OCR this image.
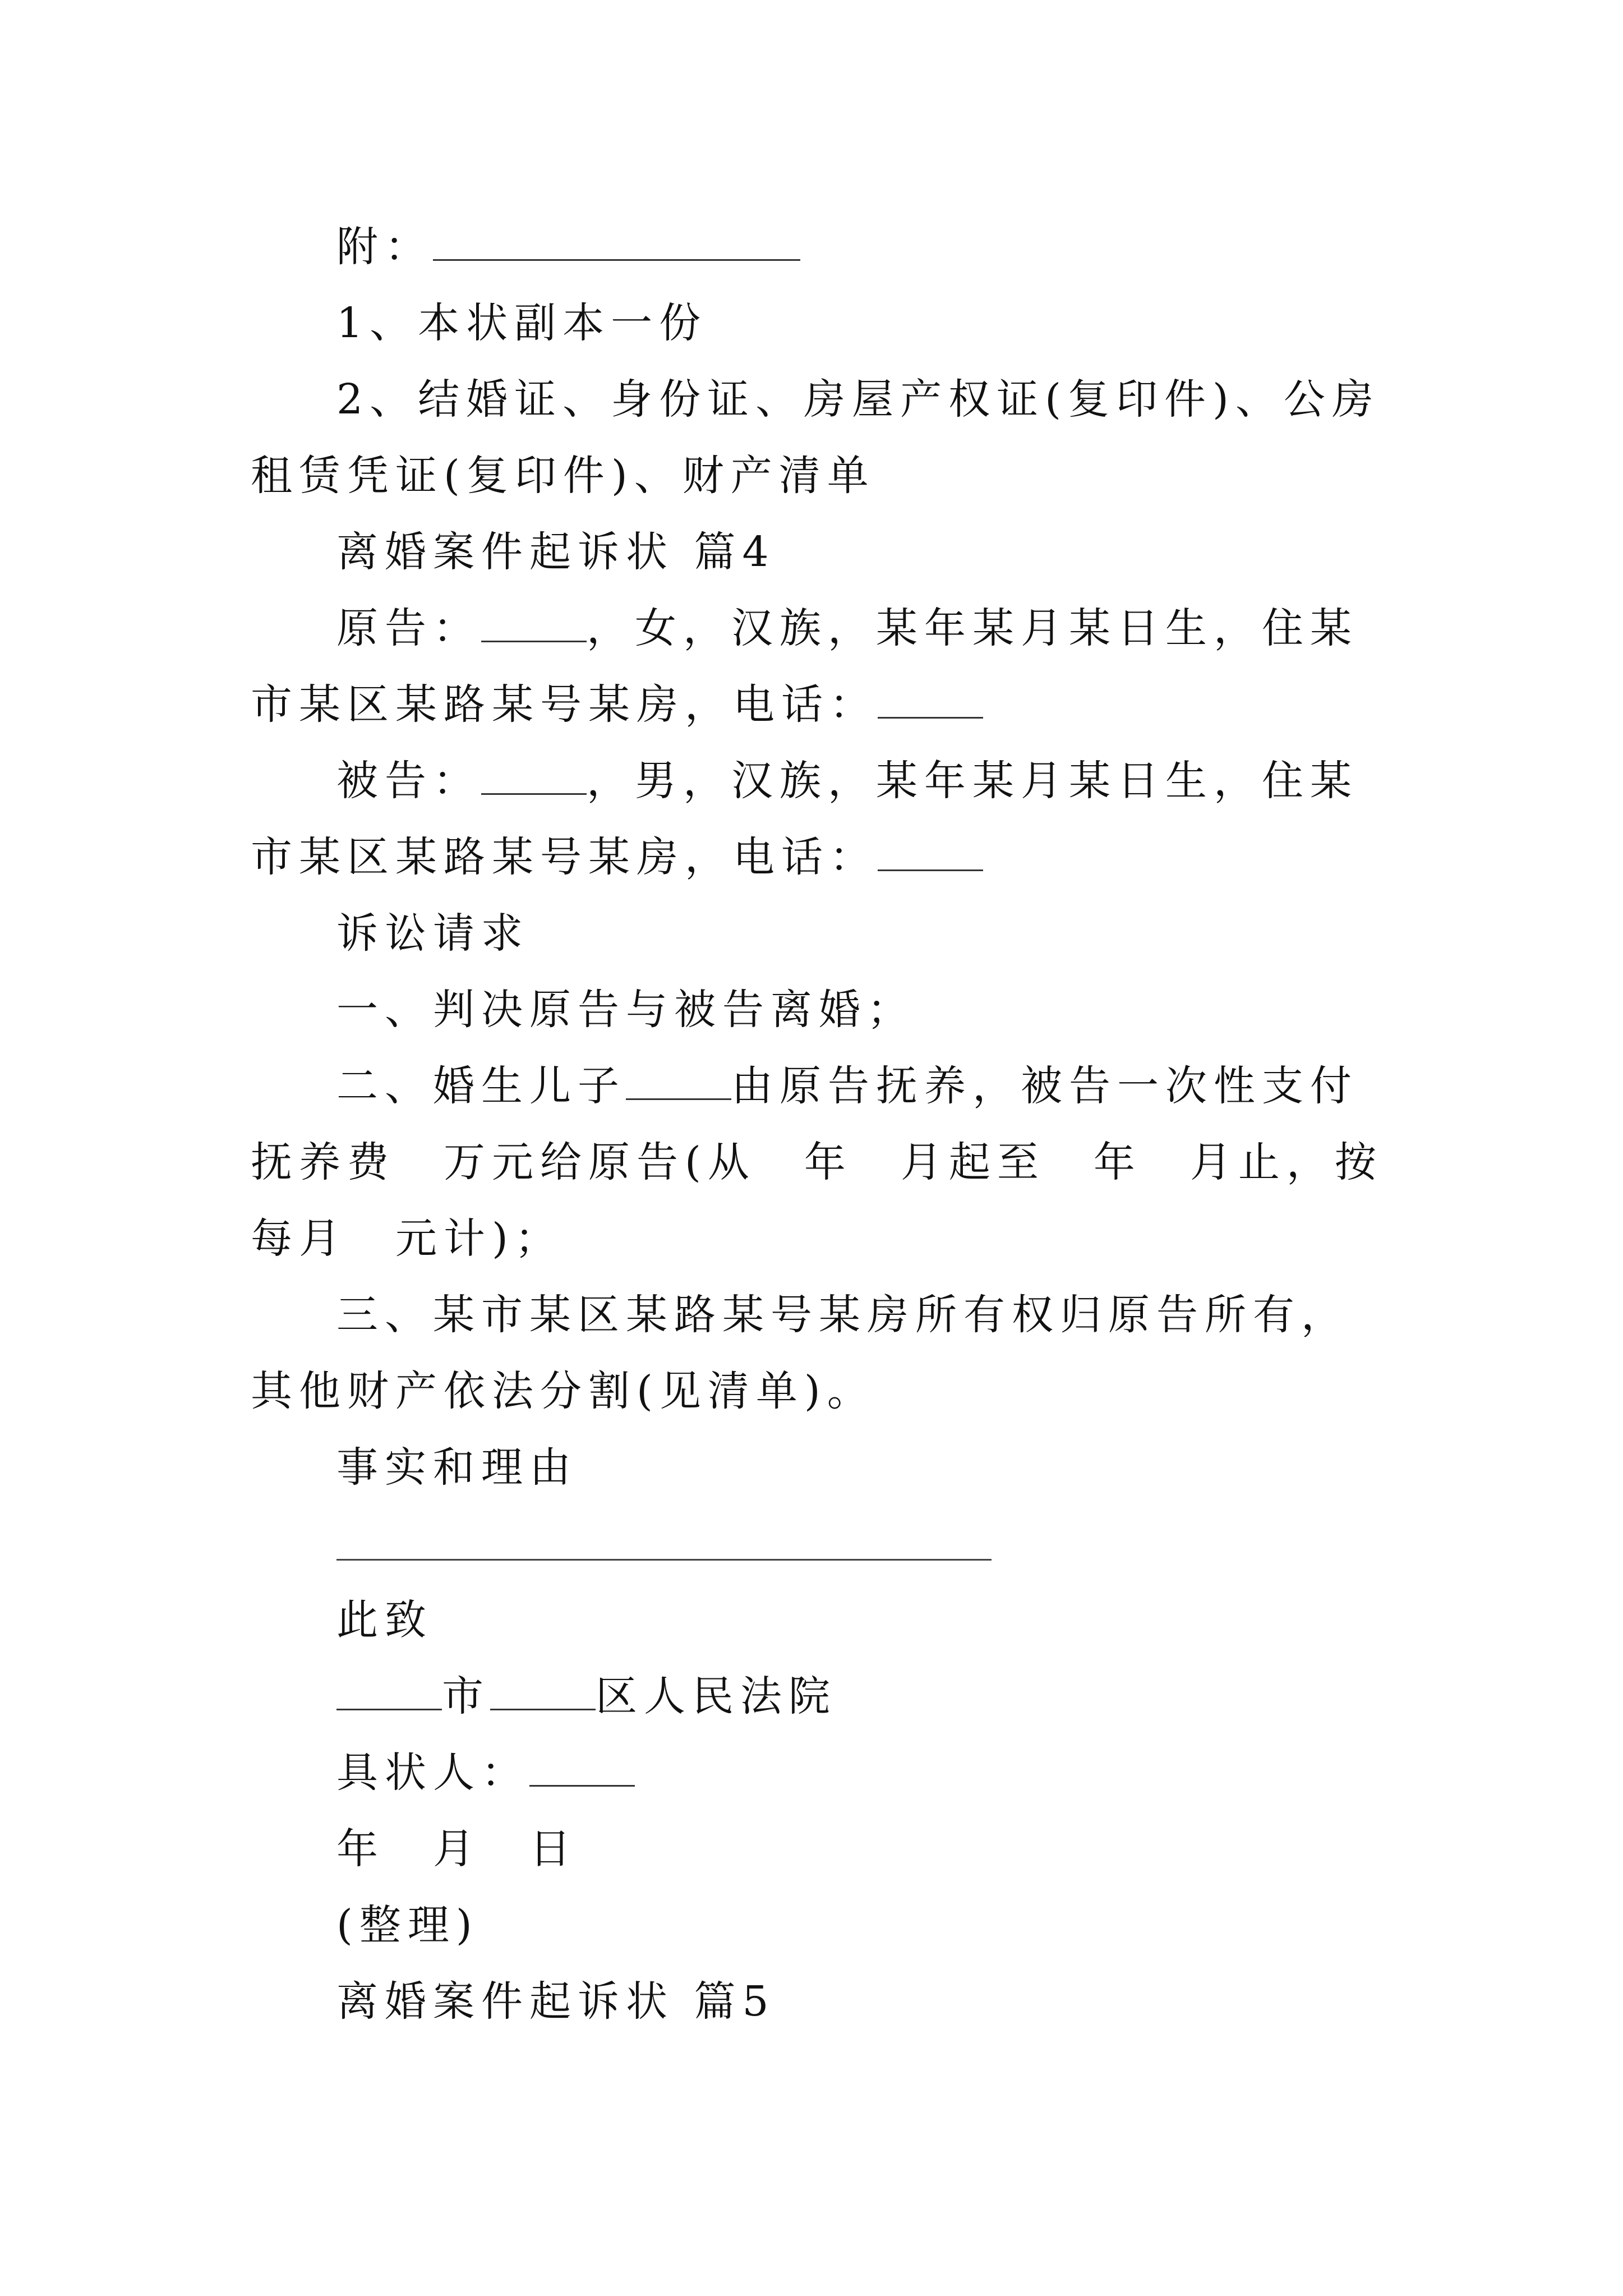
附：

1、本状副本一份

2、结婚证、身份证、房屋产权证(复印件)、公房租赁凭证(复印件)、财产清单

离婚案件起诉状 篇4

原告：	，女，汉族，某年某月某日生，住某市某区某路某号某房，电话：

被告：	，男，汉族，某年某月某日生，住某市某区某路某号某房，电话：

诉讼请求

一、判决原告与被告离婚；

二、婚生儿子	由原告抚养，被告一次性支付抚养费　万元给原告(从　年　月起至　年　月止，按每月　元计)；

三、某市某区某路某号某房所有权归原告所有，其他财产依法分割(见清单)。

事实和理由

此致

市	区人民法院

具状人：

年　月　日

(整理)

离婚案件起诉状 篇5
